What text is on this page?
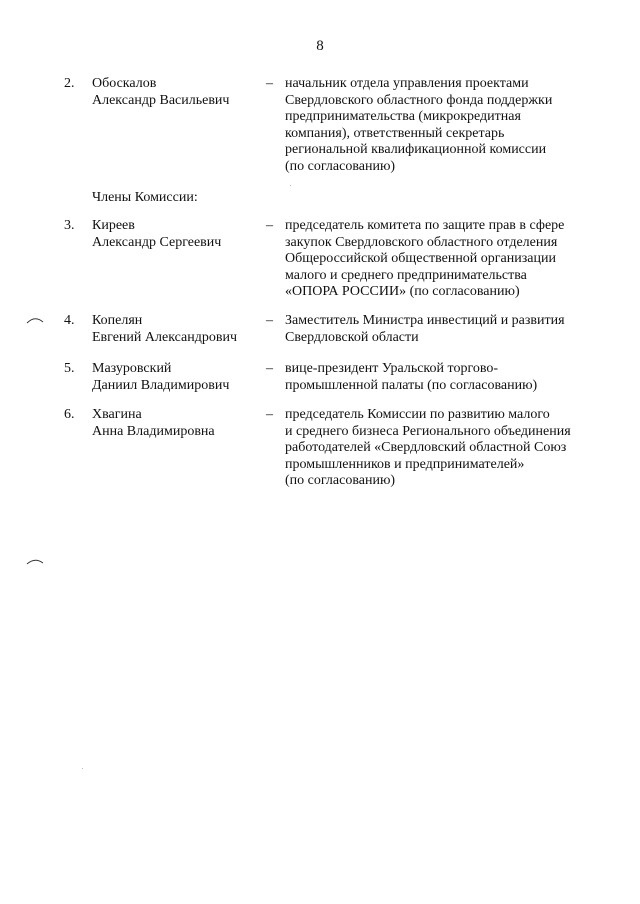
8
2. Обоскалов
Александр Васильевич
– начальник отдела управления проектами
Свердловского областного фонда поддержки
предпринимательства (микрокредитная
компания), ответственный секретарь
региональной квалификационной комиссии
(по согласованию)
Члены Комиссии:
3. Киреев
Александр Сергеевич
– председатель комитета по защите прав в сфере
закупок Свердловского областного отделения
Общероссийской общественной организации
малого и среднего предпринимательства
«ОПОРА РОССИИ» (по согласованию)
4. Копелян
Евгений Александрович
– Заместитель Министра инвестиций и развития
Свердловской области
5. Мазуровский
Даниил Владимирович
– вице-президент Уральской торгово-
промышленной палаты (по согласованию)
6. Хвагина
Анна Владимировна
– председатель Комиссии по развитию малого
и среднего бизнеса Регионального объединения
работодателей «Свердловский областной Союз
промышленников и предпринимателей»
(по согласованию)
